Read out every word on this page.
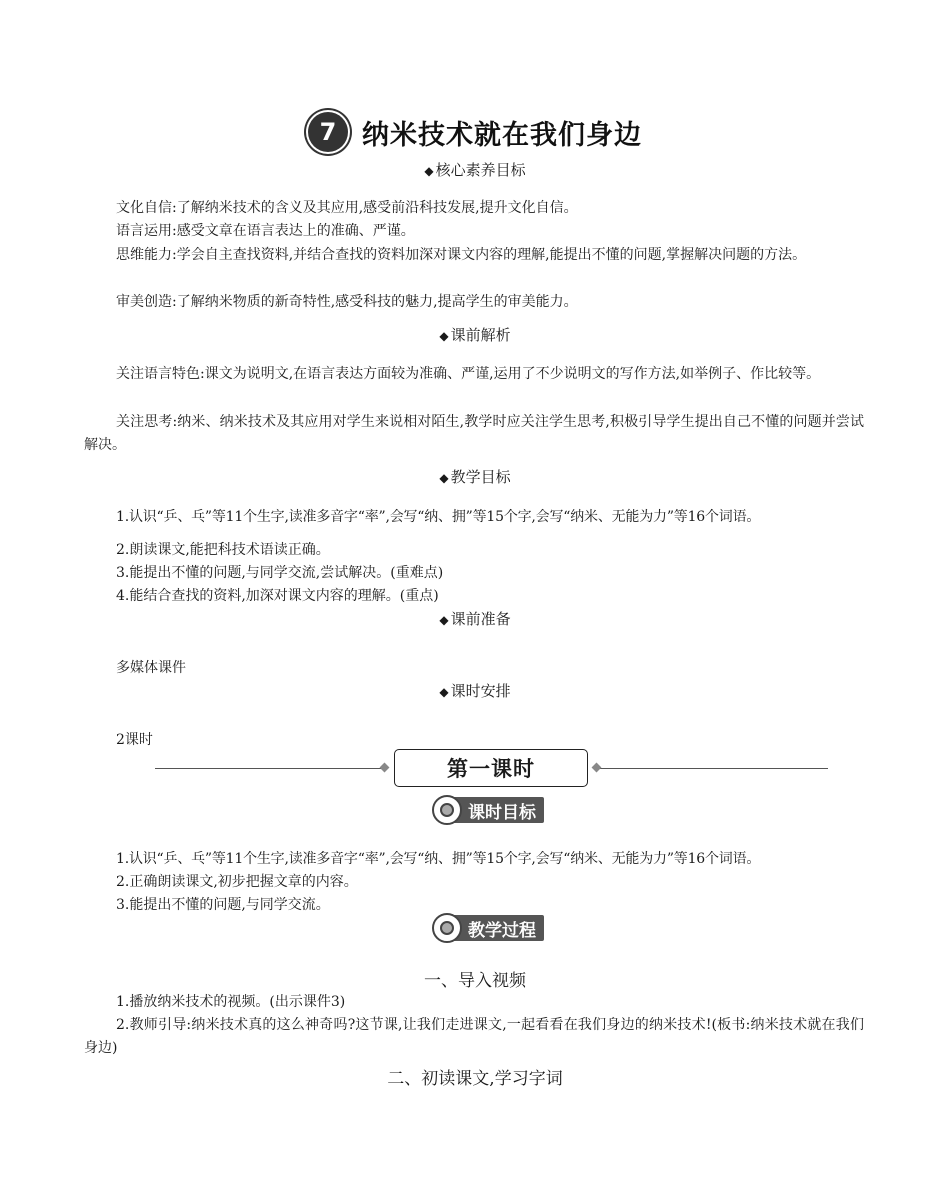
7 纳米技术就在我们身边
◆ 核心素养目标

文化自信:了解纳米技术的含义及其应用,感受前沿科技发展,提升文化自信。

语言运用:感受文章在语言表达上的准确、严谨。

思维能力:学会自主查找资料,并结合查找的资料加深对课文内容的理解,能提出不懂的问题,掌握解决问题的方法。

审美创造:了解纳米物质的新奇特性,感受科技的魅力,提高学生的审美能力。

◆ 课前解析

关注语言特色:课文为说明文,在语言表达方面较为准确、严谨,运用了不少说明文的写作方法,如举例子、作比较等。

关注思考:纳米、纳米技术及其应用对学生来说相对陌生,教学时应关注学生思考,积极引导学生提出自己不懂的问题并尝试解决。

◆ 教学目标

1.认识“乒、乓”等11个生字,读准多音字“率”,会写“纳、拥”等15个字,会写“纳米、无能为力”等16个词语。

2.朗读课文,能把科技术语读正确。

3.能提出不懂的问题,与同学交流,尝试解决。(重难点)

4.能结合查找的资料,加深对课文内容的理解。(重点)

◆ 课前准备

多媒体课件

◆ 课时安排

2课时

第一课时
课时目标

1.认识“乒、乓”等11个生字,读准多音字“率”,会写“纳、拥”等15个字,会写“纳米、无能为力”等16个词语。

2.正确朗读课文,初步把握文章的内容。

3.能提出不懂的问题,与同学交流。

教学过程
一、导入视频

1.播放纳米技术的视频。(出示课件3)

2.教师引导:纳米技术真的这么神奇吗?这节课,让我们走进课文,一起看看在我们身边的纳米技术!(板书:纳米技术就在我们身边)

二、初读课文,学习字词
